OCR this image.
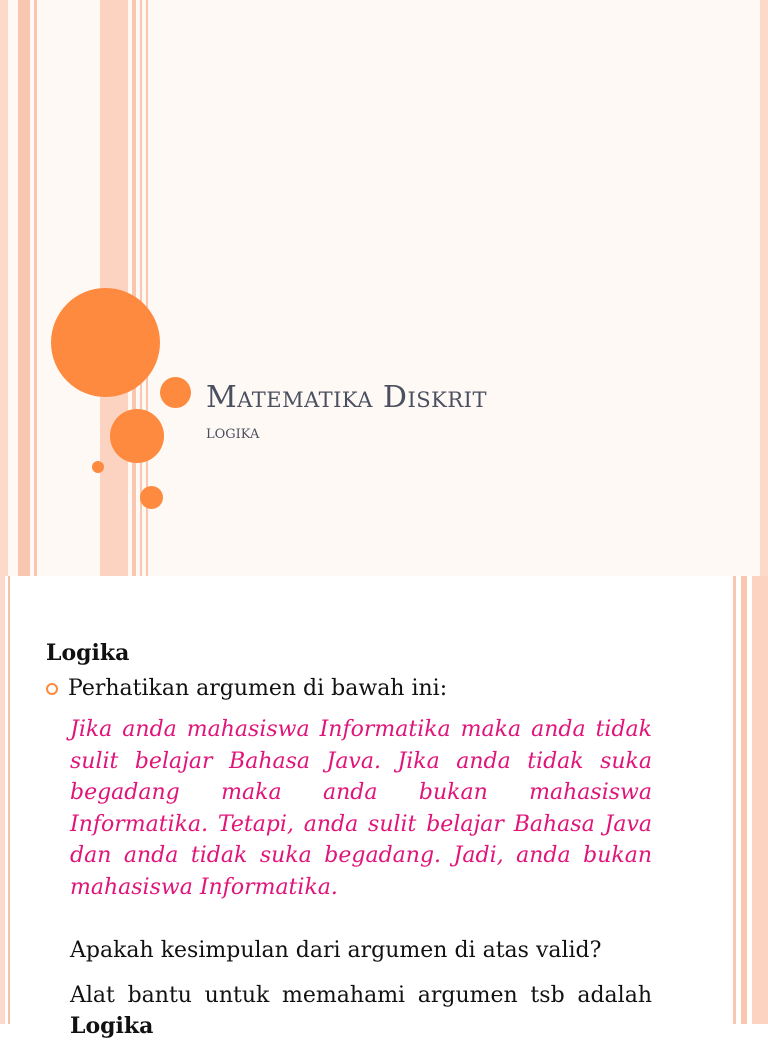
Matematika Diskrit
logika
Logika
Perhatikan argumen di bawah ini:

Jika anda mahasiswa Informatika maka anda tidak sulit belajar Bahasa Java. Jika anda tidak suka begadang maka anda bukan mahasiswa Informatika. Tetapi, anda sulit belajar Bahasa Java dan anda tidak suka begadang. Jadi, anda bukan mahasiswa Informatika.

Apakah kesimpulan dari argumen di atas valid?

Alat bantu untuk memahami argumen tsb adalah Logika
